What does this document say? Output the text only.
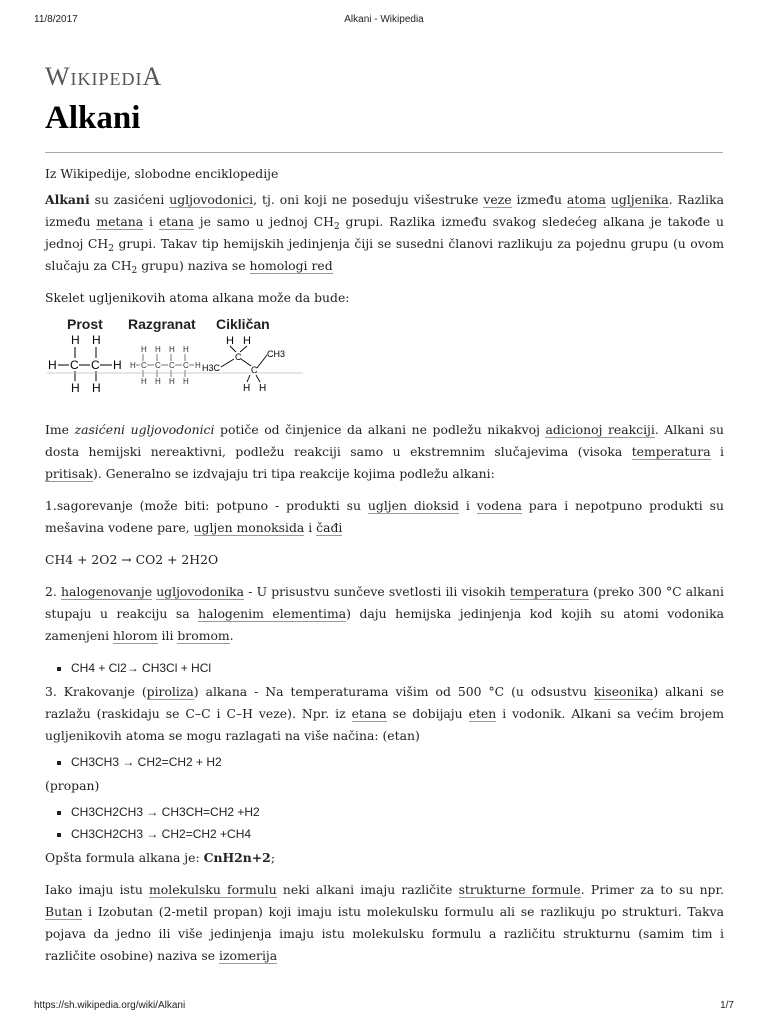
11/8/2017	Alkani - Wikipedia
WikipediA
Alkani

Iz Wikipedije, slobodne enciklopedije

Alkani su zasićeni ugljovodonici, tj. oni koji ne poseduju višestruke veze između atoma ugljenika. Razlika između metana i etana je samo u jednoj $CH_2$ grupi. Razlika između svakog sledećeg alkana je takođe u jednoj $CH_2$ grupi. Takav tip hemijskih jedinjenja čiji se susedni članovi razlikuju za pojednu grupu (u ovom slučaju za $CH_2$ grupu) naziva se homologi red

Skelet ugljenikovih atoma alkana može da bude:

Prost Razgranat Cikličan
H H
H C C H
H H
H H H H
H C C C C H
H H H H
H H
H3C
C
C
CH3
H H

Ime zasićeni ugljovodonici potiče od činjenice da alkani ne podležu nikakvoj adicionoj reakciji. Alkani su dosta hemijski nereaktivni, podležu reakciji samo u ekstremnim slučajevima (visoka temperatura i pritisak). Generalno se izdvajaju tri tipa reakcije kojima podležu alkani:

1.sagorevanje (može biti: potpuno - produkti su ugljen dioksid i vodena para i nepotpuno produkti su mešavina vodene pare, ugljen monoksida i čađi

CH4 + 2O2 → CO2 + 2H2O

2. halogenovanje ugljovodonika - U prisustvu sunčeve svetlosti ili visokih temperatura (preko 300 °C alkani stupaju u reakciju sa halogenim elementima) daju hemijska jedinjenja kod kojih su atomi vodonika zamenjeni hlorom ili bromom.

▪ CH4 + Cl2→ CH3Cl + HCl

3. Krakovanje (piroliza) alkana - Na temperaturama višim od 500 °C (u odsustvu kiseonika) alkani se razlažu (raskidaju se C–C i C–H veze). Npr. iz etana se dobijaju eten i vodonik. Alkani sa većim brojem ugljenikovih atoma se mogu razlagati na više načina: (etan)

▪ CH3CH3 → CH2=CH2 + H2

(propan)

▪ CH3CH2CH3 → CH3CH=CH2 +H2
▪ CH3CH2CH3 → CH2=CH2 +CH4

Opšta formula alkana je: CnH2n+2;

Iako imaju istu molekulsku formulu neki alkani imaju različite strukturne formule. Primer za to su npr. Butan i Izobutan (2-metil propan) koji imaju istu molekulsku formulu ali se razlikuju po strukturi. Takva pojava da jedno ili više jedinjenja imaju istu molekulsku formulu a različitu strukturnu (samim tim i različite osobine) naziva se izomerija

https://sh.wikipedia.org/wiki/Alkani	1/7
